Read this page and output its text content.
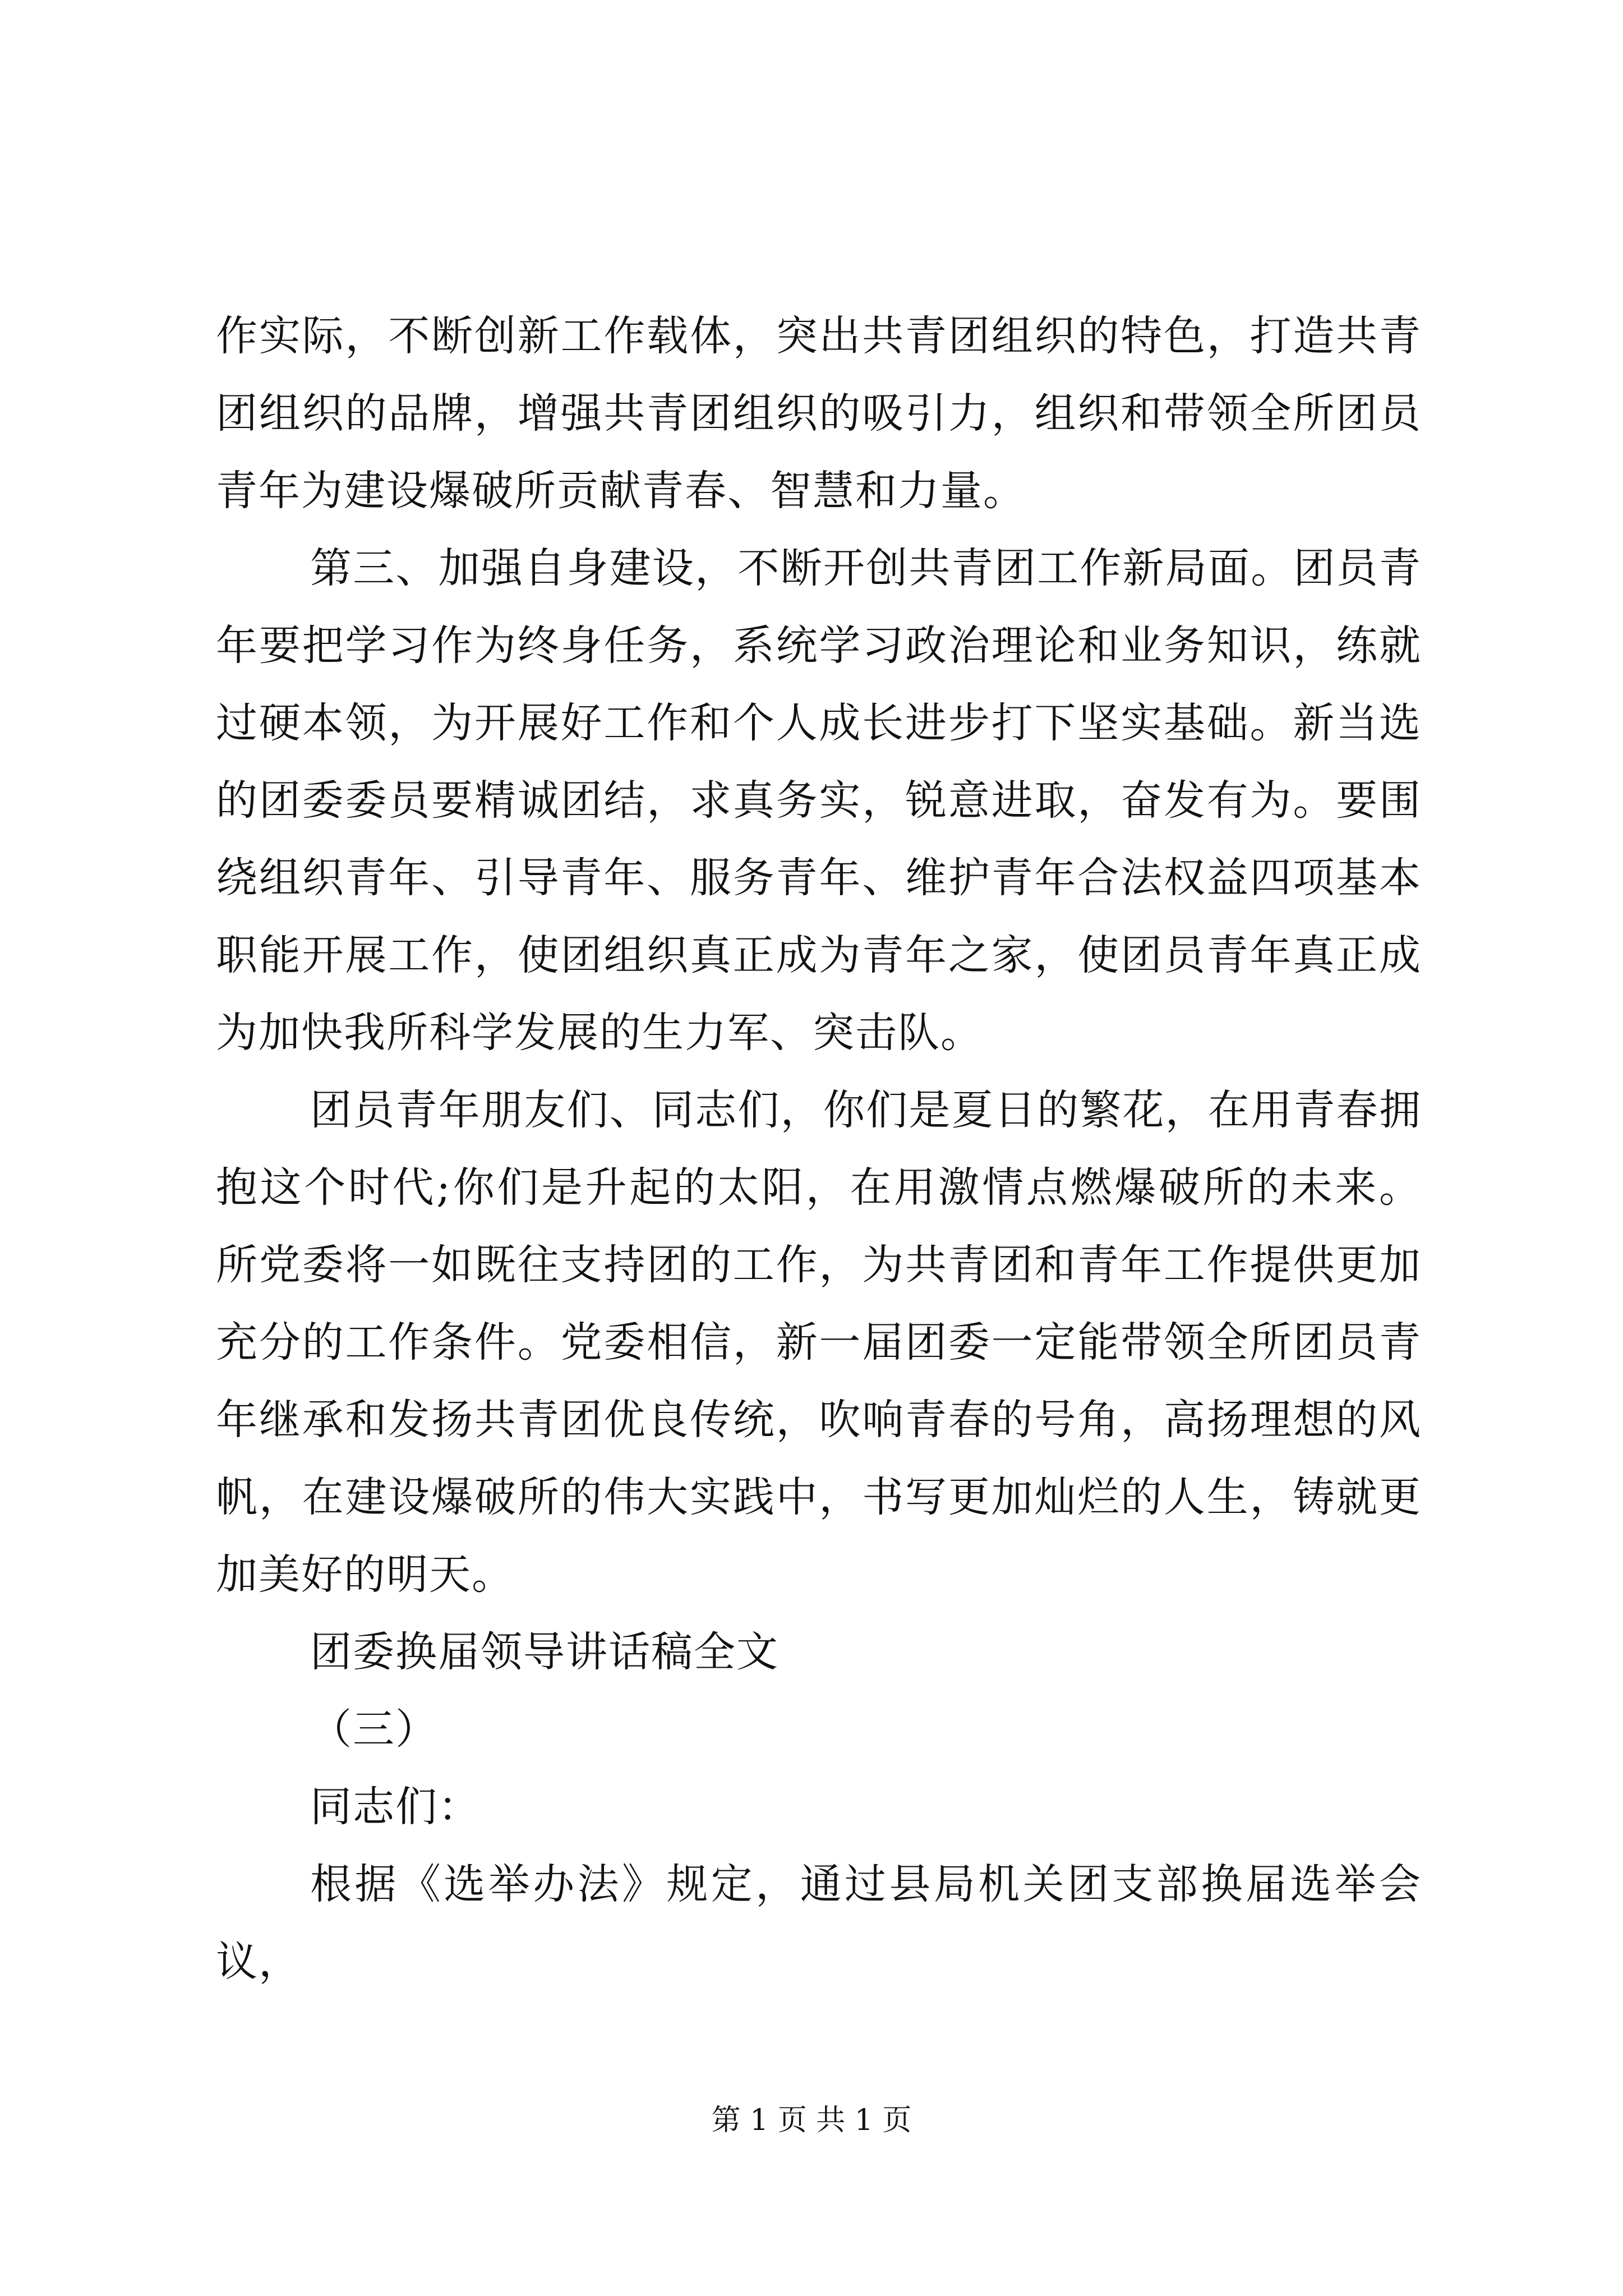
作实际，不断创新工作载体，突出共青团组织的特色，打造共青团组织的品牌，增强共青团组织的吸引力，组织和带领全所团员青年为建设爆破所贡献青春、智慧和力量。

第三、加强自身建设，不断开创共青团工作新局面。团员青年要把学习作为终身任务，系统学习政治理论和业务知识，练就过硬本领，为开展好工作和个人成长进步打下坚实基础。新当选的团委委员要精诚团结，求真务实，锐意进取，奋发有为。要围绕组织青年、引导青年、服务青年、维护青年合法权益四项基本职能开展工作，使团组织真正成为青年之家，使团员青年真正成为加快我所科学发展的生力军、突击队。

团员青年朋友们、同志们，你们是夏日的繁花，在用青春拥抱这个时代;你们是升起的太阳，在用激情点燃爆破所的未来。所党委将一如既往支持团的工作，为共青团和青年工作提供更加充分的工作条件。党委相信，新一届团委一定能带领全所团员青年继承和发扬共青团优良传统，吹响青春的号角，高扬理想的风帆，在建设爆破所的伟大实践中，书写更加灿烂的人生，铸就更加美好的明天。

团委换届领导讲话稿全文

（三）

同志们：

根据《选举办法》规定，通过县局机关团支部换届选举会议，

第 1 页 共 1 页
